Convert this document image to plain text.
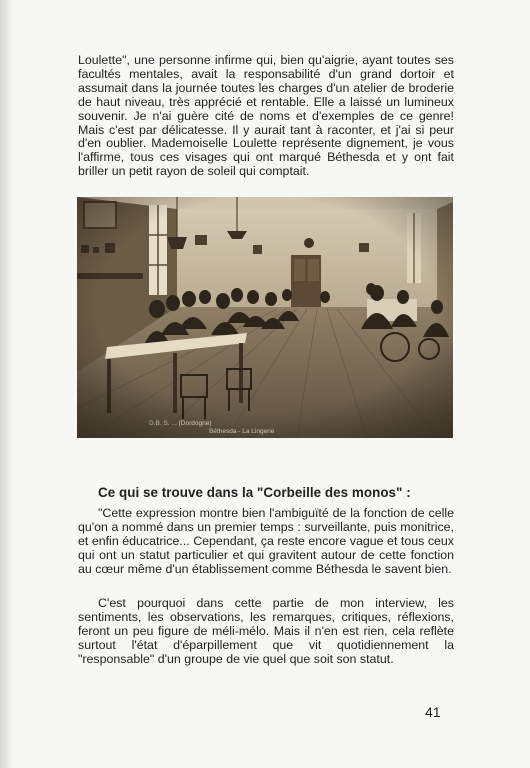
Loulette", une personne infirme qui, bien qu'aigrie, ayant toutes ses facultés mentales, avait la responsabilité d'un grand dortoir et assumait dans la journée toutes les charges d'un atelier de broderie de haut niveau, très apprécié et rentable. Elle a laissé un lumineux souvenir. Je n'ai guère cité de noms et d'exemples de ce genre! Mais c'est par délicatesse. Il y aurait tant à raconter, et j'ai si peur d'en oublier. Mademoiselle Loulette représente dignement, je vous l'affirme, tous ces visages qui ont marqué Béthesda et y ont fait briller un petit rayon de soleil qui comptait.

Ce qui se trouve dans la "Corbeille des monos" :

"Cette expression montre bien l'ambiguïté de la fonction de celle qu'on a nommé dans un premier temps : surveillante, puis monitrice, et enfin éducatrice... Cependant, ça reste encore vague et tous ceux qui ont un statut particulier et qui gravitent autour de cette fonction au cœur même d'un établissement comme Béthesda le savent bien.

C'est pourquoi dans cette partie de mon interview, les sentiments, les observations, les remarques, critiques, réflexions, feront un peu figure de méli-mélo. Mais il n'en est rien, cela reflète surtout l'état d'éparpillement que vit quotidiennement la "responsable" d'un groupe de vie quel que soit son statut.

41
